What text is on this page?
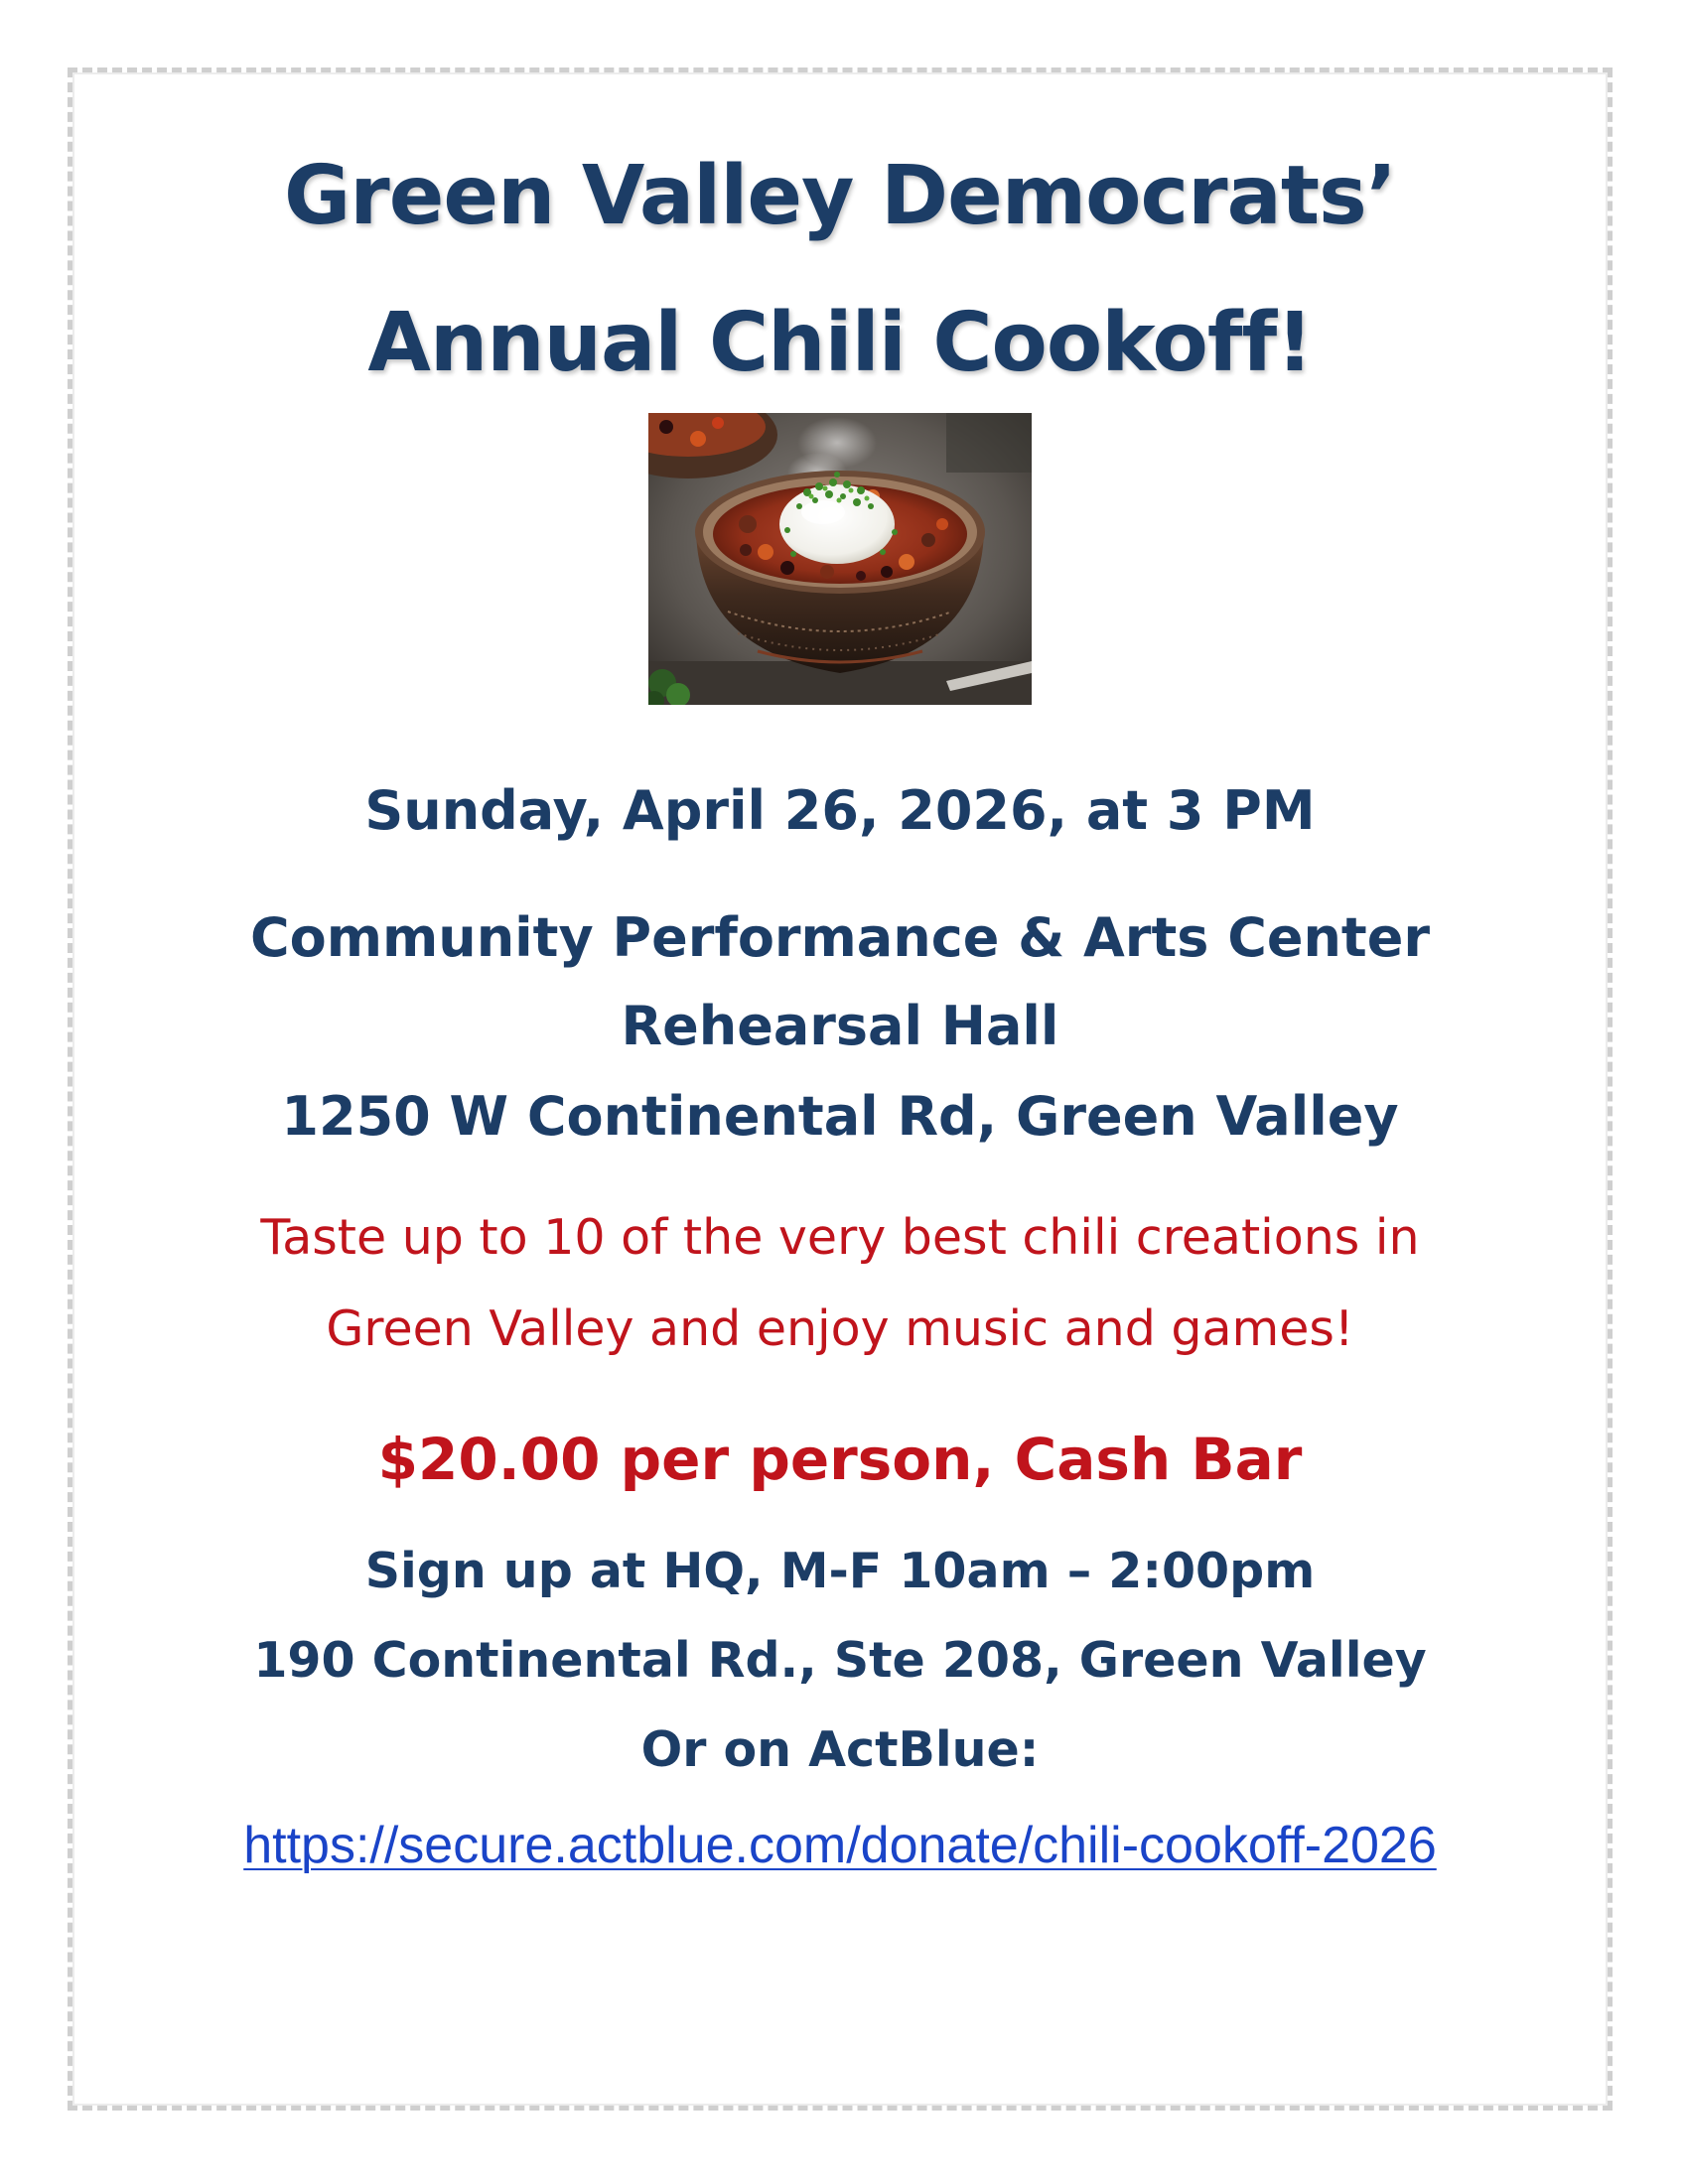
Green Valley Democrats’
Annual Chili Cookoff!

Sunday, April 26, 2026, at 3 PM

Community Performance & Arts Center

Rehearsal Hall

1250 W Continental Rd, Green Valley

Taste up to 10 of the very best chili creations in

Green Valley and enjoy music and games!

$20.00 per person, Cash Bar

Sign up at HQ, M-F 10am – 2:00pm

190 Continental Rd., Ste 208, Green Valley

Or on ActBlue:

https://secure.actblue.com/donate/chili-cookoff-2026
